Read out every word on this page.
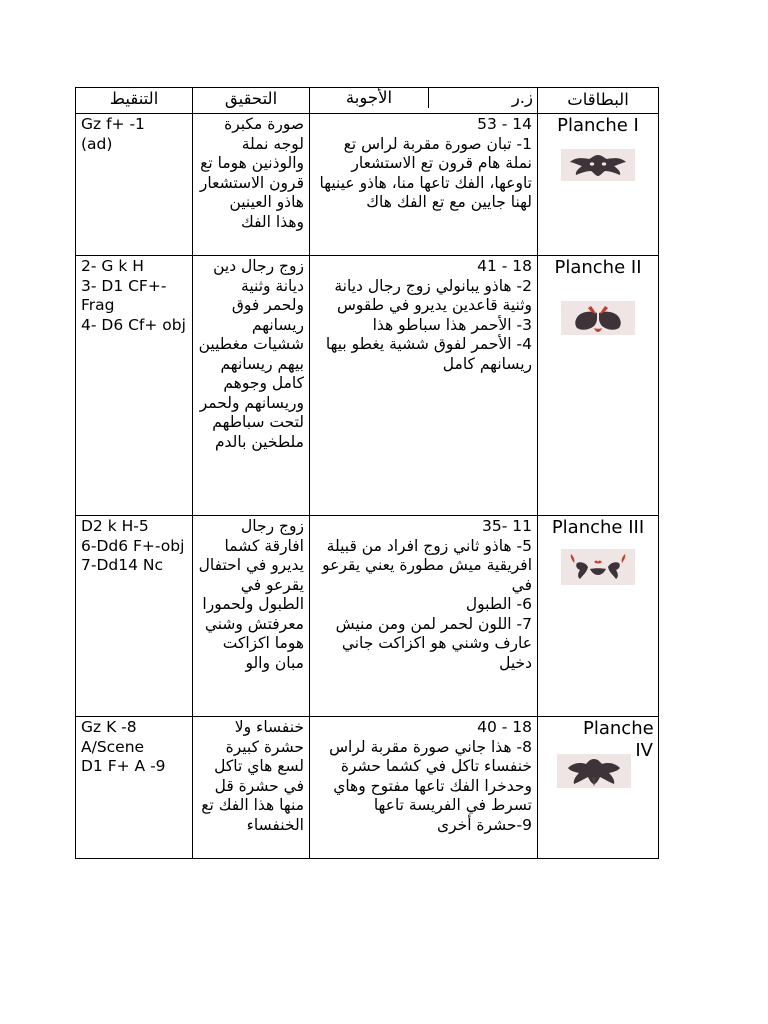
التنقيط	التحقيق	الأجوبة ز.ر	البطاقات

Gz f+ -1
(ad)	صورة مكبرة لوجه نملة والوذنين هوما تع قرون الاستشعار هاذو العينين وهذا الفك	53 - 14
1- تبان صورة مقربة لراس تع نملة هام قرون تع الاستشعار تاوعها، الفك تاعها منا، هاذو عينيها لهنا جايين مع تع الفك هاك	Planche I

2- G k H
3- D1 CF+-Frag
4- D6 Cf+ obj	زوج رجال دين ديانة وثنية ولحمر فوق ريسانهم ششيات مغطيين بيهم ريسانهم كامل وجوهم وريسانهم ولحمر لتحت سباطهم ملطخين بالدم	41 - 18
2- هاذو يبانولي زوج رجال ديانة وثنية قاعدين يديرو في طقوس
3- الأحمر هذا سباطو هذا
4- الأحمر لفوق ششية يغطو بيها ريسانهم كامل	Planche II

D2 k H-5
6-Dd6 F+-obj
7-Dd14 Nc	زوج رجال افارقة كشما يديرو في احتفال يقرعو في الطبول ولحمورا معرفتش وشني هوما اكزاكت مبان والو	35- 11
5- هاذو ثاني زوج افراد من قبيلة افريقية ميش مطورة يعني يقرعو في
6- الطبول
7- اللون لحمر لمن ومن منيش عارف وشني هو اكزاكت جاني دخيل	Planche III

Gz K -8
A/Scene
D1 F+ A -9	خنفساء ولا حشرة كبيرة لسع هاي تاكل في حشرة قل منها هذا الفك تع الخنفساء	40 - 18
8- هذا جاني صورة مقربة لراس خنفساء تاكل في كشما حشرة وحدخرا الفك تاعها مفتوح وهاي تسرط في الفريسة تاعها
9-حشرة أخرى	Planche IV
